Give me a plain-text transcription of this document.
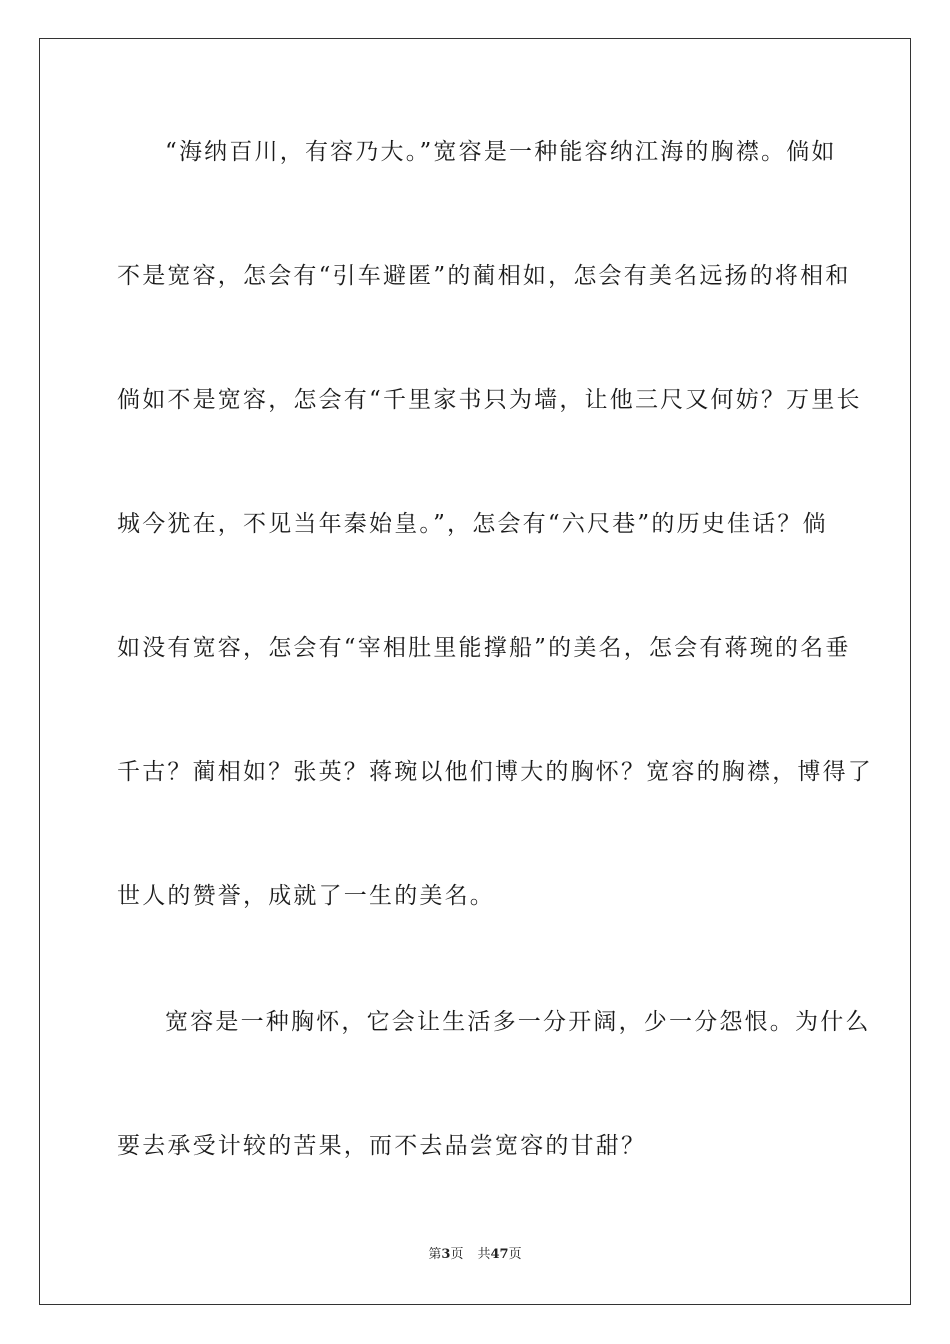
“海纳百川，有容乃大。”宽容是一种能容纳江海的胸襟。倘如
不是宽容，怎会有“引车避匿”的蔺相如，怎会有美名远扬的将相和
倘如不是宽容，怎会有“千里家书只为墙，让他三尺又何妨？万里长
城今犹在，不见当年秦始皇。”，怎会有“六尺巷”的历史佳话？倘
如没有宽容，怎会有“宰相肚里能撑船”的美名，怎会有蒋琬的名垂
千古？蔺相如？张英？蒋琬以他们博大的胸怀？宽容的胸襟，博得了
世人的赞誉，成就了一生的美名。
宽容是一种胸怀，它会让生活多一分开阔，少一分怨恨。为什么
要去承受计较的苦果，而不去品尝宽容的甘甜？
第3页 共47页
